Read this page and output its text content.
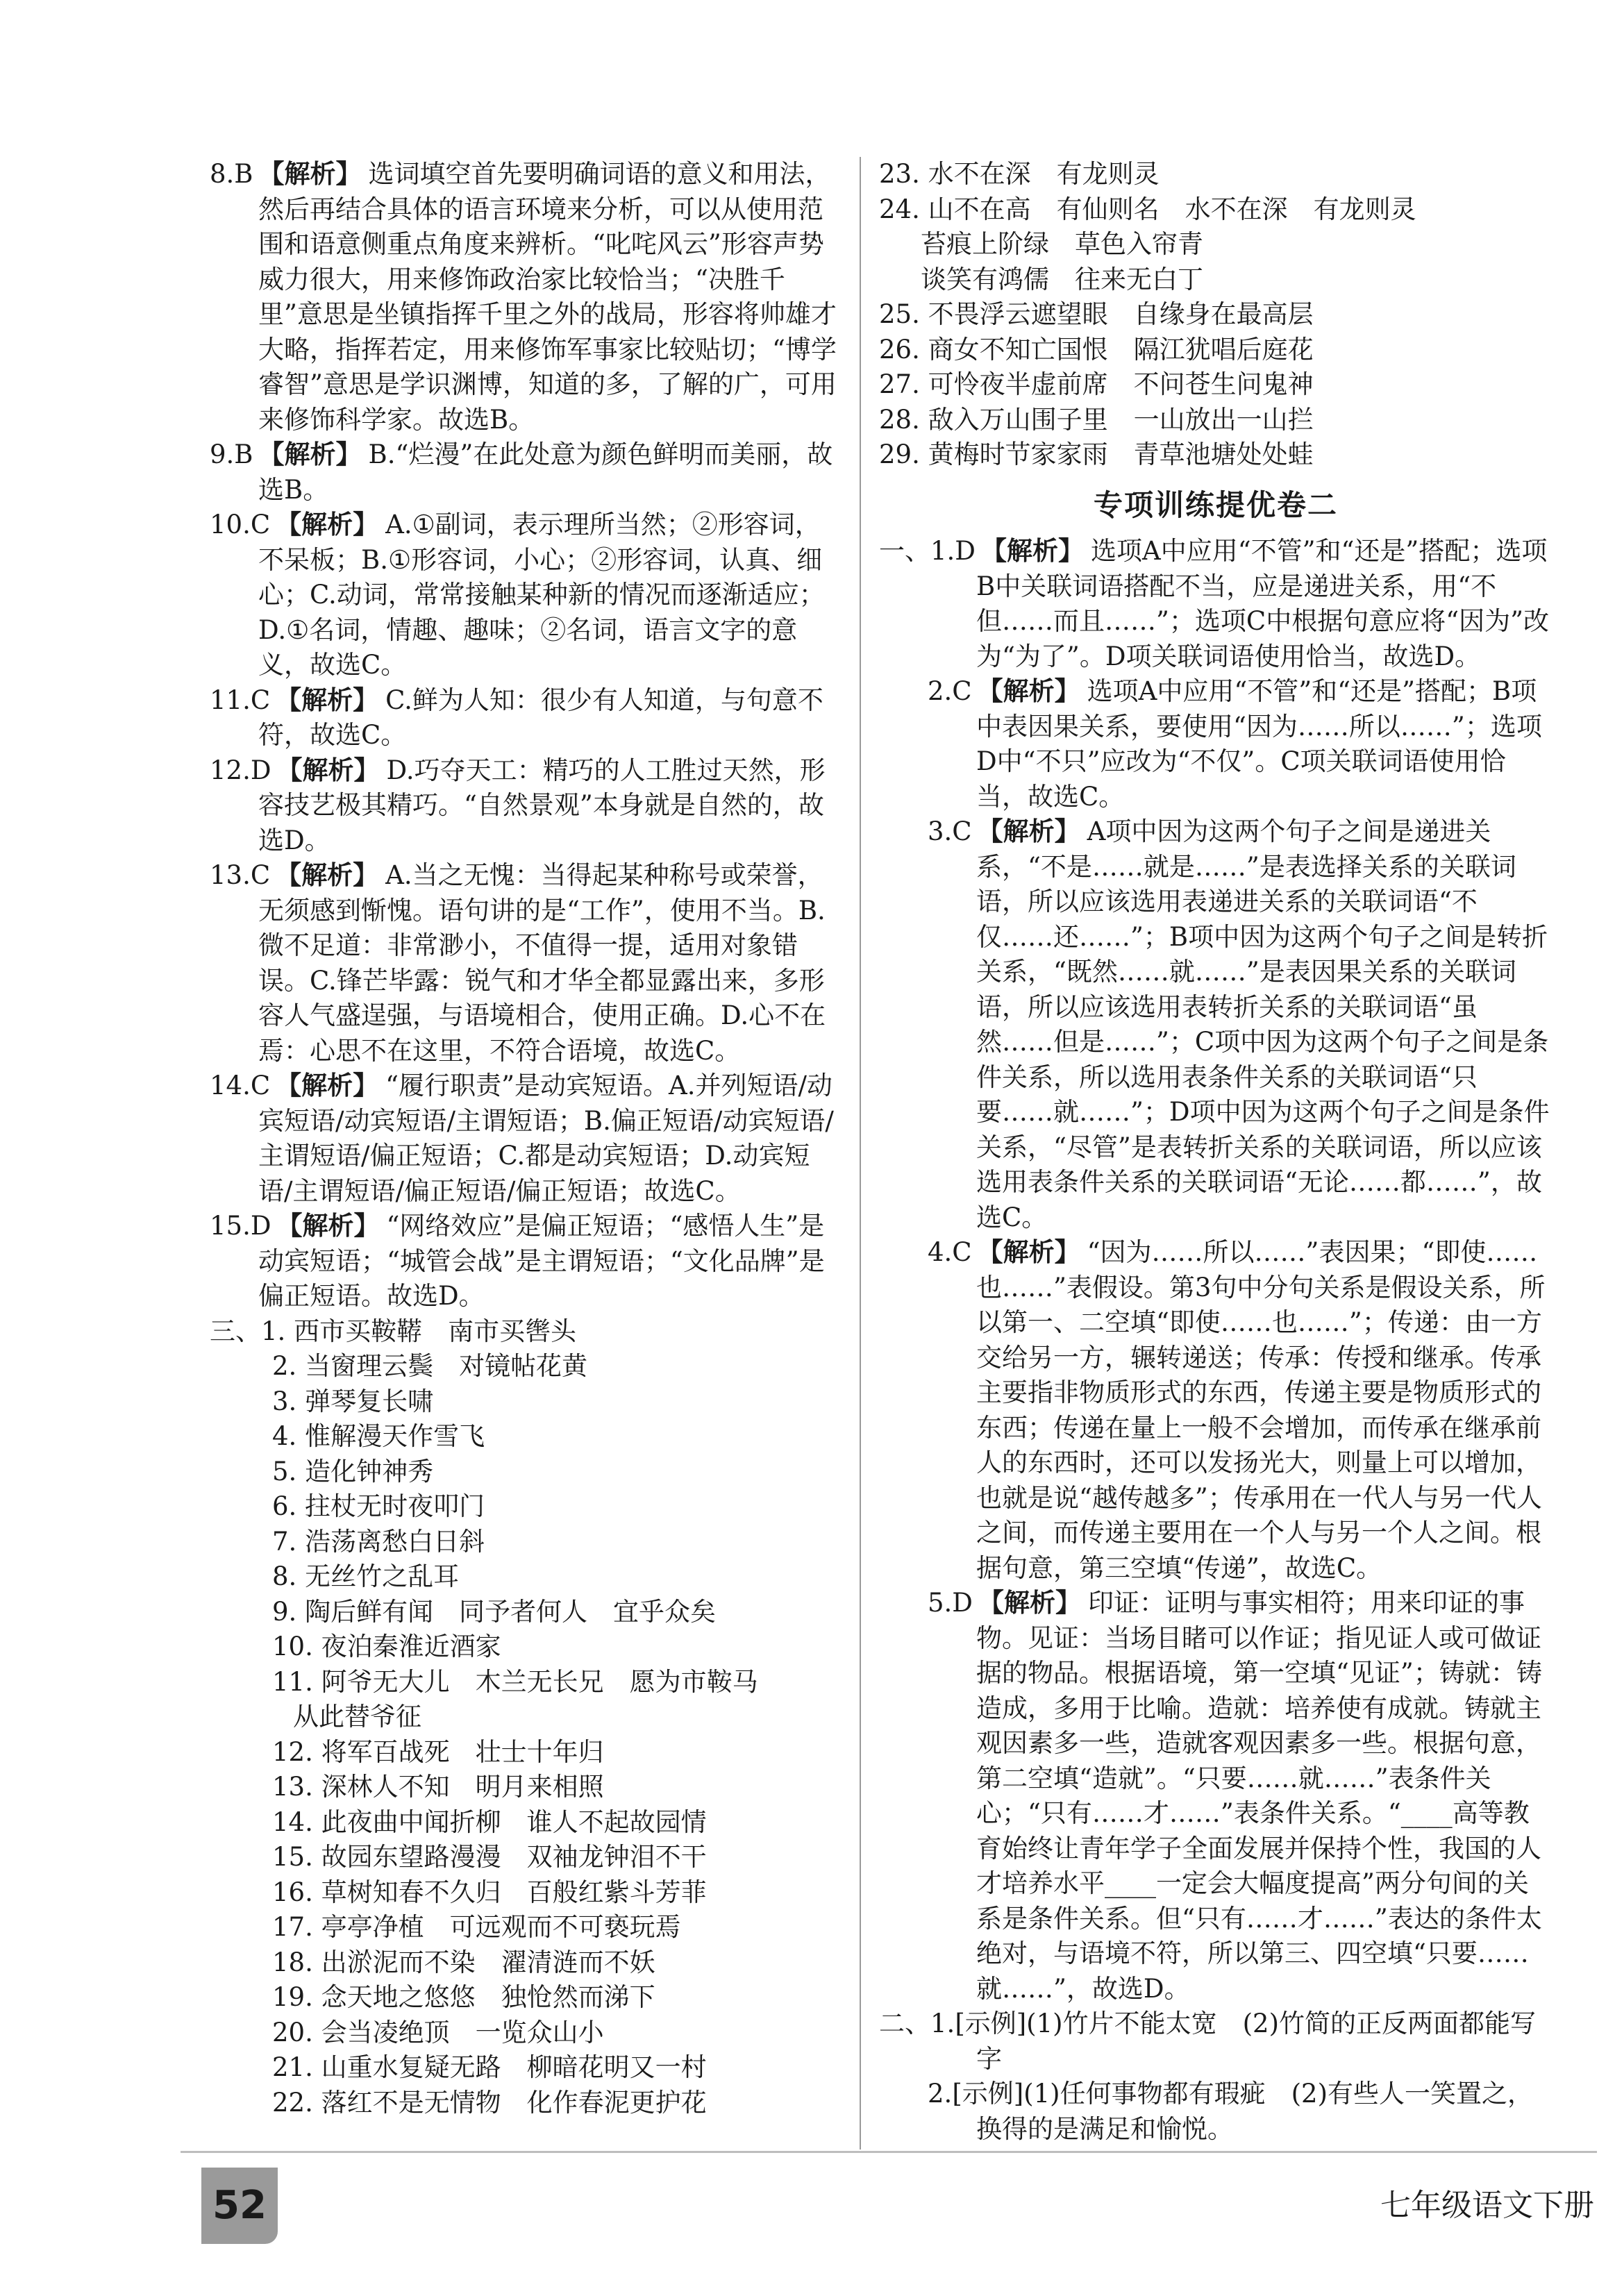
8.B 【解析】 选词填空首先要明确词语的意义和用法，然后再结合具体的语言环境来分析，可以从使用范围和语意侧重点角度来辨析。“叱咤风云”形容声势威力很大，用来修饰政治家比较恰当；“决胜千里”意思是坐镇指挥千里之外的战局，形容将帅雄才大略，指挥若定，用来修饰军事家比较贴切；“博学睿智”意思是学识渊博，知道的多，了解的广，可用来修饰科学家。故选B。

9.B 【解析】 B.“烂漫”在此处意为颜色鲜明而美丽，故选B。

10.C 【解析】 A.①副词，表示理所当然；②形容词，不呆板；B.①形容词，小心；②形容词，认真、细心；C.动词，常常接触某种新的情况而逐渐适应；D.①名词，情趣、趣味；②名词，语言文字的意义，故选C。

11.C 【解析】 C.鲜为人知：很少有人知道，与句意不符，故选C。

12.D 【解析】 D.巧夺天工：精巧的人工胜过天然，形容技艺极其精巧。“自然景观”本身就是自然的，故选D。

13.C 【解析】 A.当之无愧：当得起某种称号或荣誉，无须感到惭愧。语句讲的是“工作”，使用不当。B.微不足道：非常渺小，不值得一提，适用对象错误。C.锋芒毕露：锐气和才华全都显露出来，多形容人气盛逞强，与语境相合，使用正确。D.心不在焉：心思不在这里，不符合语境，故选C。

14.C 【解析】 “履行职责”是动宾短语。A.并列短语/动宾短语/动宾短语/主谓短语；B.偏正短语/动宾短语/主谓短语/偏正短语；C.都是动宾短语；D.动宾短语/主谓短语/偏正短语/偏正短语；故选C。

15.D 【解析】 “网络效应”是偏正短语；“感悟人生”是动宾短语；“城管会战”是主谓短语；“文化品牌”是偏正短语。故选D。

三、1. 西市买鞍鞯　南市买辔头
2. 当窗理云鬓　对镜帖花黄
3. 弹琴复长啸
4. 惟解漫天作雪飞
5. 造化钟神秀
6. 拄杖无时夜叩门
7. 浩荡离愁白日斜
8. 无丝竹之乱耳
9. 陶后鲜有闻　同予者何人　宜乎众矣
10. 夜泊秦淮近酒家
11. 阿爷无大儿　木兰无长兄　愿为市鞍马
从此替爷征
12. 将军百战死　壮士十年归
13. 深林人不知　明月来相照
14. 此夜曲中闻折柳　谁人不起故园情
15. 故园东望路漫漫　双袖龙钟泪不干
16. 草树知春不久归　百般红紫斗芳菲
17. 亭亭净植　可远观而不可亵玩焉
18. 出淤泥而不染　濯清涟而不妖
19. 念天地之悠悠　独怆然而涕下
20. 会当凌绝顶　一览众山小
21. 山重水复疑无路　柳暗花明又一村
22. 落红不是无情物　化作春泥更护花
23. 水不在深　有龙则灵
24. 山不在高　有仙则名　水不在深　有龙则灵
苔痕上阶绿　草色入帘青
谈笑有鸿儒　往来无白丁
25. 不畏浮云遮望眼　自缘身在最高层
26. 商女不知亡国恨　隔江犹唱后庭花
27. 可怜夜半虚前席　不问苍生问鬼神
28. 敌入万山围子里　一山放出一山拦
29. 黄梅时节家家雨　青草池塘处处蛙
专项训练提优卷二

一、1.D 【解析】 选项A中应用“不管”和“还是”搭配；选项B中关联词语搭配不当，应是递进关系，用“不但……而且……”；选项C中根据句意应将“因为”改为“为了”。D项关联词语使用恰当，故选D。

2.C 【解析】 选项A中应用“不管”和“还是”搭配；B项中表因果关系，要使用“因为……所以……”；选项D中“不只”应改为“不仅”。C项关联词语使用恰当，故选C。

3.C 【解析】 A项中因为这两个句子之间是递进关系，“不是……就是……”是表选择关系的关联词语，所以应该选用表递进关系的关联词语“不仅……还……”；B项中因为这两个句子之间是转折关系，“既然……就……”是表因果关系的关联词语，所以应该选用表转折关系的关联词语“虽然……但是……”；C项中因为这两个句子之间是条件关系，所以选用表条件关系的关联词语“只要……就……”；D项中因为这两个句子之间是条件关系，“尽管”是表转折关系的关联词语，所以应该选用表条件关系的关联词语“无论……都……”，故选C。

4.C 【解析】 “因为……所以……”表因果；“即使……也……”表假设。第3句中分句关系是假设关系，所以第一、二空填“即使……也……”；传递：由一方交给另一方，辗转递送；传承：传授和继承。传承主要指非物质形式的东西，传递主要是物质形式的东西；传递在量上一般不会增加，而传承在继承前人的东西时，还可以发扬光大，则量上可以增加，也就是说“越传越多”；传承用在一代人与另一代人之间，而传递主要用在一个人与另一个人之间。根据句意，第三空填“传递”，故选C。

5.D 【解析】 印证：证明与事实相符；用来印证的事物。见证：当场目睹可以作证；指见证人或可做证据的物品。根据语境，第一空填“见证”；铸就：铸造成，多用于比喻。造就：培养使有成就。铸就主观因素多一些，造就客观因素多一些。根据句意，第二空填“造就”。“只要……就……”表条件关心；“只有……才……”表条件关系。“____高等教育始终让青年学子全面发展并保持个性，我国的人才培养水平____一定会大幅度提高”两分句间的关系是条件关系。但“只有……才……”表达的条件太绝对，与语境不符，所以第三、四空填“只要……就……”，故选D。

二、1.[示例](1)竹片不能太宽　(2)竹简的正反两面都能写字

2.[示例](1)任何事物都有瑕疵　(2)有些人一笑置之，换得的是满足和愉悦。

52	七年级语文下册
